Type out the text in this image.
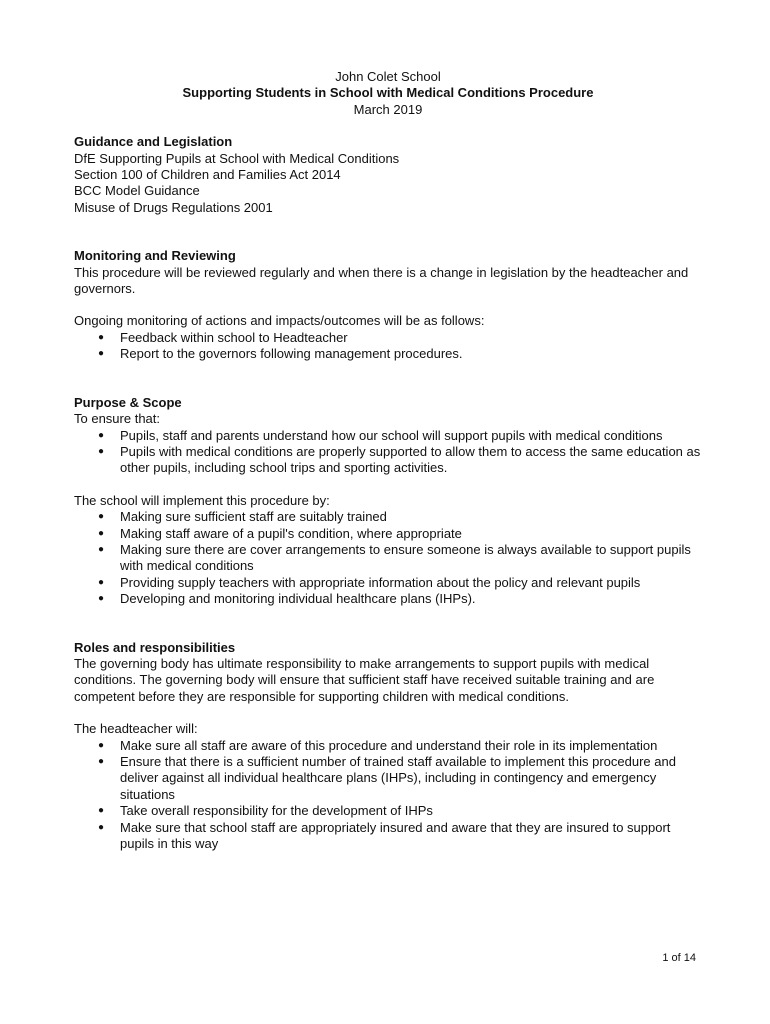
John Colet School

Supporting Students in School with Medical Conditions Procedure

March 2019

Guidance and Legislation

DfE Supporting Pupils at School with Medical Conditions

Section 100 of Children and Families Act 2014

BCC Model Guidance

Misuse of Drugs Regulations 2001

Monitoring and Reviewing

This procedure will be reviewed regularly and when there is a change in legislation by the headteacher and governors.

Ongoing monitoring of actions and impacts/outcomes will be as follows:

● Feedback within school to Headteacher
● Report to the governors following management procedures.
Purpose & Scope

To ensure that:

● Pupils, staff and parents understand how our school will support pupils with medical conditions
● Pupils with medical conditions are properly supported to allow them to access the same education as other pupils, including school trips and sporting activities.

The school will implement this procedure by:

● Making sure sufficient staff are suitably trained
● Making staff aware of a pupil's condition, where appropriate
● Making sure there are cover arrangements to ensure someone is always available to support pupils with medical conditions
● Providing supply teachers with appropriate information about the policy and relevant pupils
● Developing and monitoring individual healthcare plans (IHPs).
Roles and responsibilities

The governing body has ultimate responsibility to make arrangements to support pupils with medical conditions. The governing body will ensure that sufficient staff have received suitable training and are competent before they are responsible for supporting children with medical conditions.

The headteacher will:

● Make sure all staff are aware of this procedure and understand their role in its implementation
● Ensure that there is a sufficient number of trained staff available to implement this procedure and deliver against all individual healthcare plans (IHPs), including in contingency and emergency situations
● Take overall responsibility for the development of IHPs
● Make sure that school staff are appropriately insured and aware that they are insured to support pupils in this way
1 of 14
